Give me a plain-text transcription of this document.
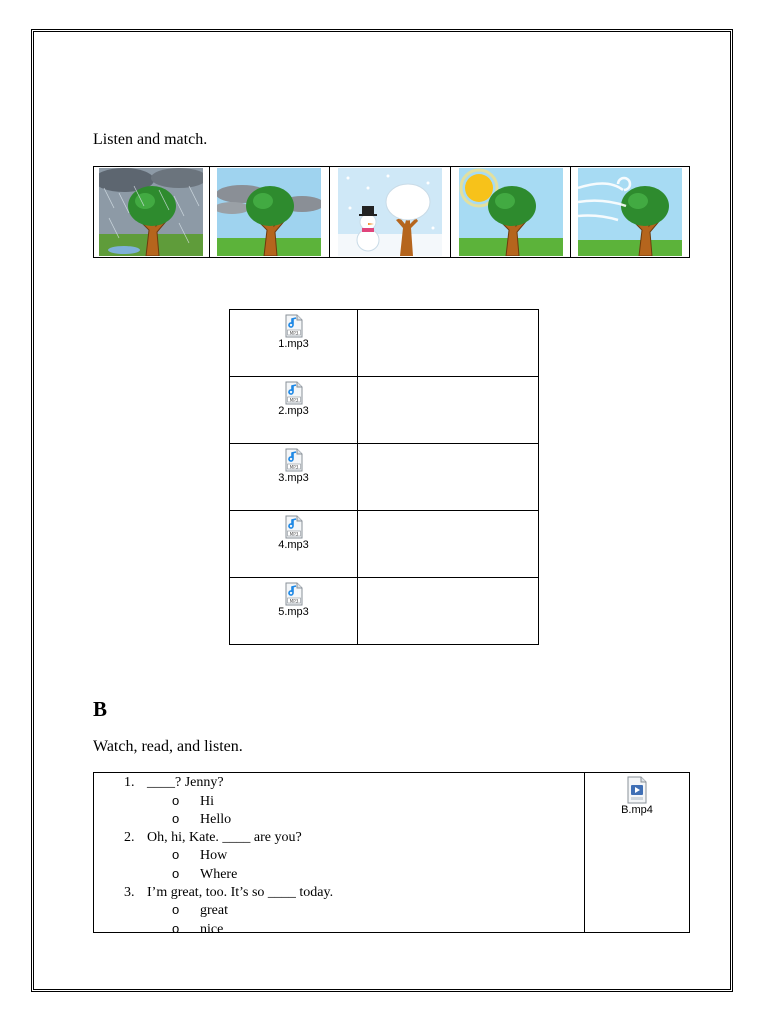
Listen and match.
1.mp3	

2.mp3	

3.mp3	

4.mp3	

5.mp3	

B
Watch, read, and listen.
1. ____? Jenny?
o Hi
o Hello
2. Oh, hi, Kate. ____ are you?
o How
o Where
3. I’m great, too. It’s so ____ today.
o great
o nice
B.mp4
